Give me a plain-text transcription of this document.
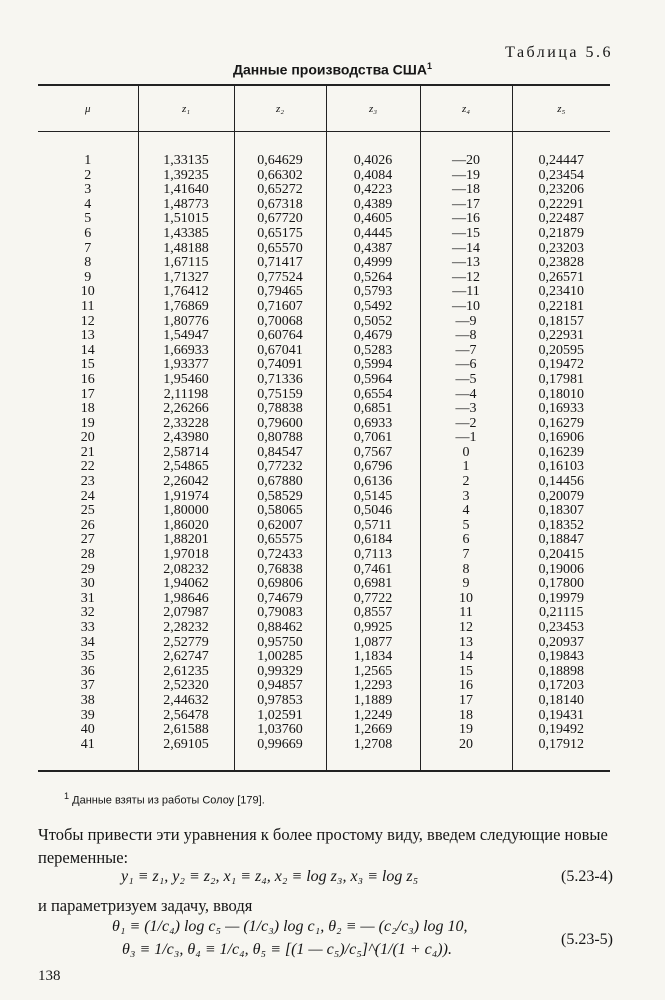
Таблица 5.6
Данные производства США$^1$
μ	z₁	z₂	z₃	z₄	z₅
1	1,33135	0,64629	0,4026	—20	0,24447
2	1,39235	0,66302	0,4084	—19	0,23454
3	1,41640	0,65272	0,4223	—18	0,23206
4	1,48773	0,67318	0,4389	—17	0,22291
5	1,51015	0,67720	0,4605	—16	0,22487
6	1,43385	0,65175	0,4445	—15	0,21879
7	1,48188	0,65570	0,4387	—14	0,23203
8	1,67115	0,71417	0,4999	—13	0,23828
9	1,71327	0,77524	0,5264	—12	0,26571
10	1,76412	0,79465	0,5793	—11	0,23410
11	1,76869	0,71607	0,5492	—10	0,22181
12	1,80776	0,70068	0,5052	—9	0,18157
13	1,54947	0,60764	0,4679	—8	0,22931
14	1,66933	0,67041	0,5283	—7	0,20595
15	1,93377	0,74091	0,5994	—6	0,19472
16	1,95460	0,71336	0,5964	—5	0,17981
17	2,11198	0,75159	0,6554	—4	0,18010
18	2,26266	0,78838	0,6851	—3	0,16933
19	2,33228	0,79600	0,6933	—2	0,16279
20	2,43980	0,80788	0,7061	—1	0,16906
21	2,58714	0,84547	0,7567	0	0,16239
22	2,54865	0,77232	0,6796	1	0,16103
23	2,26042	0,67880	0,6136	2	0,14456
24	1,91974	0,58529	0,5145	3	0,20079
25	1,80000	0,58065	0,5046	4	0,18307
26	1,86020	0,62007	0,5711	5	0,18352
27	1,88201	0,65575	0,6184	6	0,18847
28	1,97018	0,72433	0,7113	7	0,20415
29	2,08232	0,76838	0,7461	8	0,19006
30	1,94062	0,69806	0,6981	9	0,17800
31	1,98646	0,74679	0,7722	10	0,19979
32	2,07987	0,79083	0,8557	11	0,21115
33	2,28232	0,88462	0,9925	12	0,23453
34	2,52779	0,95750	1,0877	13	0,20937
35	2,62747	1,00285	1,1834	14	0,19843
36	2,61235	0,99329	1,2565	15	0,18898
37	2,52320	0,94857	1,2293	16	0,17203
38	2,44632	0,97853	1,1889	17	0,18140
39	2,56478	1,02591	1,2249	18	0,19431
40	2,61588	1,03760	1,2669	19	0,19492
41	2,69105	0,99669	1,2708	20	0,17912
$^1$ Данные взяты из работы Солоу [179].
Чтобы привести эти уравнения к более простому виду, введем следующие новые переменные:
y₁ ≡ z₁, y₂ ≡ z₂, x₁ ≡ z₄, x₂ ≡ log z₃, x₃ ≡ log z₅	(5.23-4)
и параметризуем задачу, вводя
θ₁ ≡ (1/c₄) log c₅ — (1/c₃) log c₁, θ₂ ≡ — (c₂/c₃) log 10,
θ₃ ≡ 1/c₃, θ₄ ≡ 1/c₄, θ₅ ≡ [(1 — c₅)/c₅]^(1/(1 + c₄)).
(5.23-5)
138
